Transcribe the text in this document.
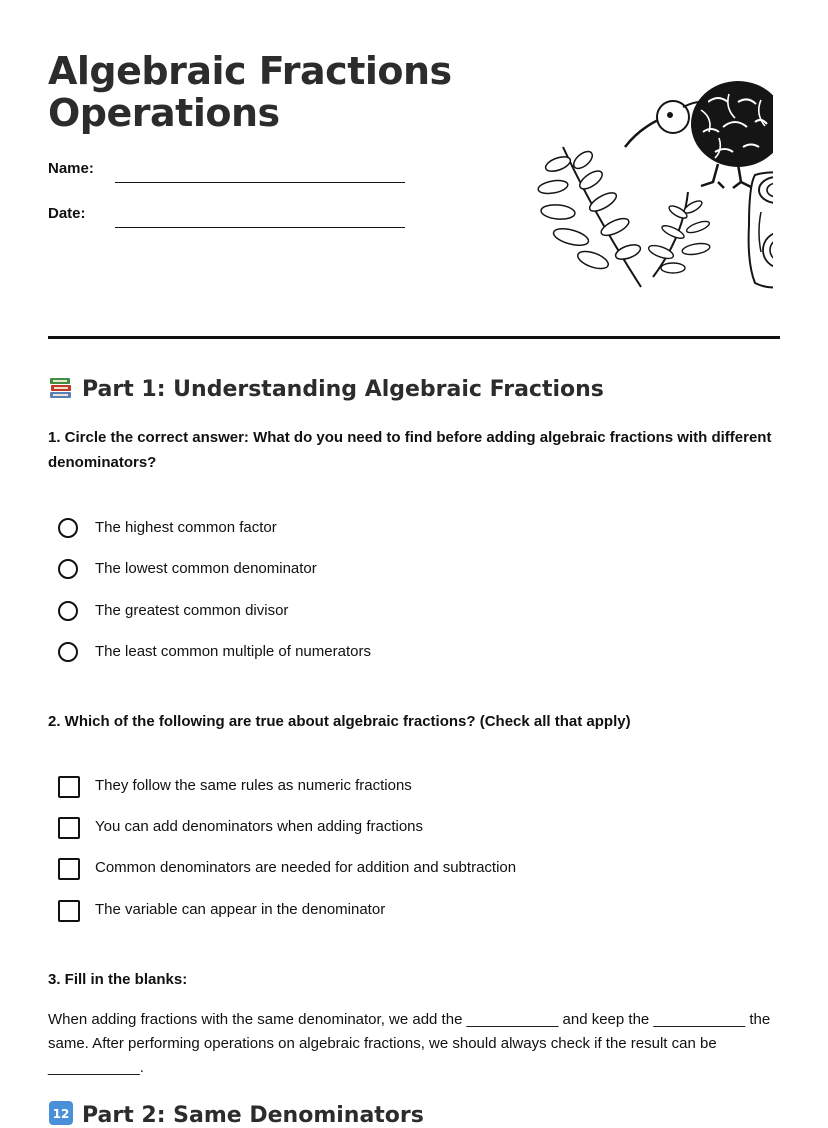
Algebraic Fractions
Operations
Name:
Date:
Part 1: Understanding Algebraic Fractions

1. Circle the correct answer: What do you need to find before adding algebraic fractions with different denominators?

The highest common factor
The lowest common denominator
The greatest common divisor
The least common multiple of numerators

2. Which of the following are true about algebraic fractions? (Check all that apply)

They follow the same rules as numeric fractions
You can add denominators when adding fractions
Common denominators are needed for addition and subtraction
The variable can appear in the denominator

3. Fill in the blanks:

When adding fractions with the same denominator, we add the ___________ and keep the ___________ the same. After performing operations on algebraic fractions, we should always check if the result can be ___________.

12 Part 2: Same Denominators
